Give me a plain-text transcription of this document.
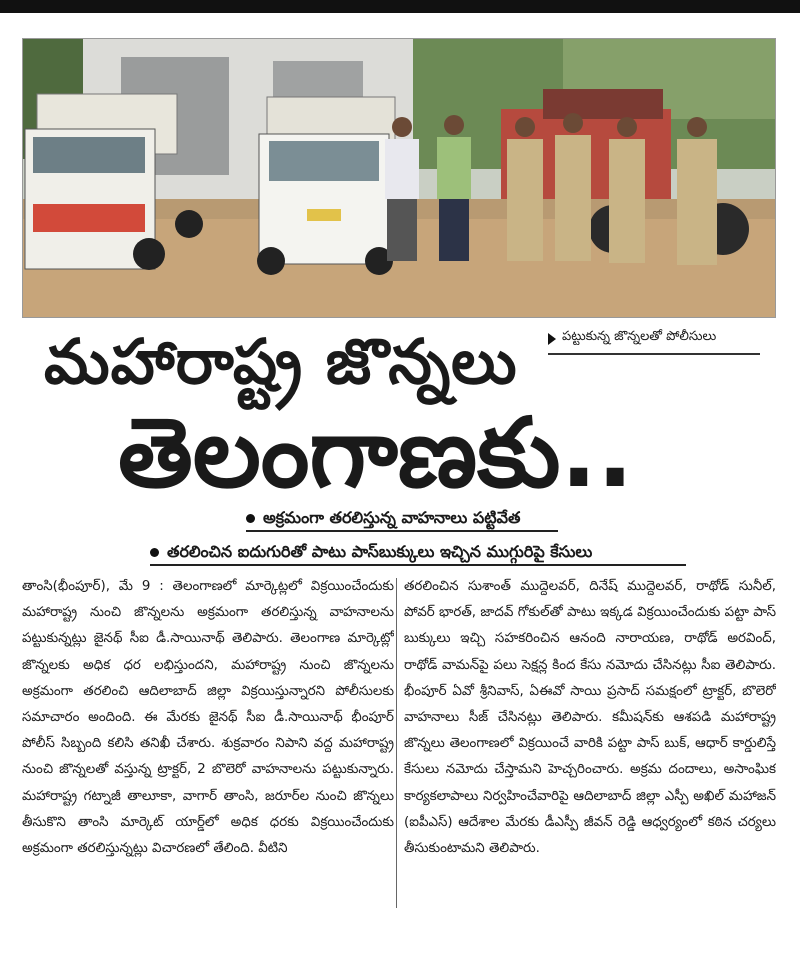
పట్టుకున్న జొన్నలతో పోలీసులు
మహారాష్ట్ర జొన్నలు
తెలంగాణకు..
అక్రమంగా తరలిస్తున్న వాహనాలు పట్టివేత
తరలించిన ఐదుగురితో పాటు పాస్‌బుక్కులు ఇచ్చిన ముగ్గురిపై కేసులు

తాంసి(భీంపూర్), మే 9 : తెలంగాణలో మార్కెట్లలో విక్రయించేందుకు మహారాష్ట్ర నుంచి జొన్నలను అక్రమంగా తరలిస్తున్న వాహనాలను పట్టుకున్నట్లు జైనథ్ సీఐ డీ.సాయినాథ్ తెలిపారు. తెలంగాణ మార్కెట్లో జొన్నలకు అధిక ధర లభిస్తుందని, మహారాష్ట్ర నుంచి జొన్నలను అక్రమంగా తరలించి ఆదిలాబాద్ జిల్లా విక్రయిస్తున్నారని పోలీసులకు సమాచారం అందింది. ఈ మేరకు జైనథ్ సీఐ డీ.సాయినాథ్ భీంపూర్ పోలీస్ సిబ్బంది కలిసి తనిఖీ చేశారు. శుక్రవారం నిపాని వద్ద మహారాష్ట్ర నుంచి జొన్నలతో వస్తున్న ట్రాక్టర్, 2 బొలెరో వాహనాలను పట్టుకున్నారు. మహారాష్ట్ర గట్నాజీ తాలూకా, వాగార్ తాంసి, జరూర్‌ల నుంచి జొన్నలు తీసుకొని తాంసి మార్కెట్ యార్డ్‌లో అధిక ధరకు విక్రయించేందుకు అక్రమంగా తరలిస్తున్నట్లు విచారణలో తేలింది. వీటిని

తరలించిన సుశాంత్ ముద్దెలవర్, దినేష్ ముద్దెలవర్, రాథోడ్ సునీల్, పోవర్ భారత్, జాదవ్ గోకుల్‌తో పాటు ఇక్కడ విక్రయించేందుకు పట్టా పాస్ బుక్కులు ఇచ్చి సహకరించిన ఆనంది నారాయణ, రాథోడ్ అరవింద్, రాథోడ్ వామన్‌పై పలు సెక్షన్ల కింద కేసు నమోదు చేసినట్లు సీఐ తెలిపారు. భీంపూర్ ఏవో శ్రీనివాస్, ఏఈవో సాయి ప్రసాద్ సమక్షంలో ట్రాక్టర్, బొలెరో వాహనాలు సీజ్ చేసినట్లు తెలిపారు. కమీషన్‌కు ఆశపడి మహారాష్ట్ర జొన్నలు తెలంగాణలో విక్రయించే వారికి పట్టా పాస్ బుక్, ఆధార్ కార్డులిస్తే కేసులు నమోదు చేస్తామని హెచ్చరించారు. అక్రమ దందాలు, అసాంఘిక కార్యకలాపాలు నిర్వహించేవారిపై ఆదిలాబాద్ జిల్లా ఎస్పీ అఖిల్ మహాజన్ (ఐపీఎస్) ఆదేశాల మేరకు డీఎస్పీ జీవన్ రెడ్డి ఆధ్వర్యంలో కఠిన చర్యలు తీసుకుంటామని తెలిపారు.
